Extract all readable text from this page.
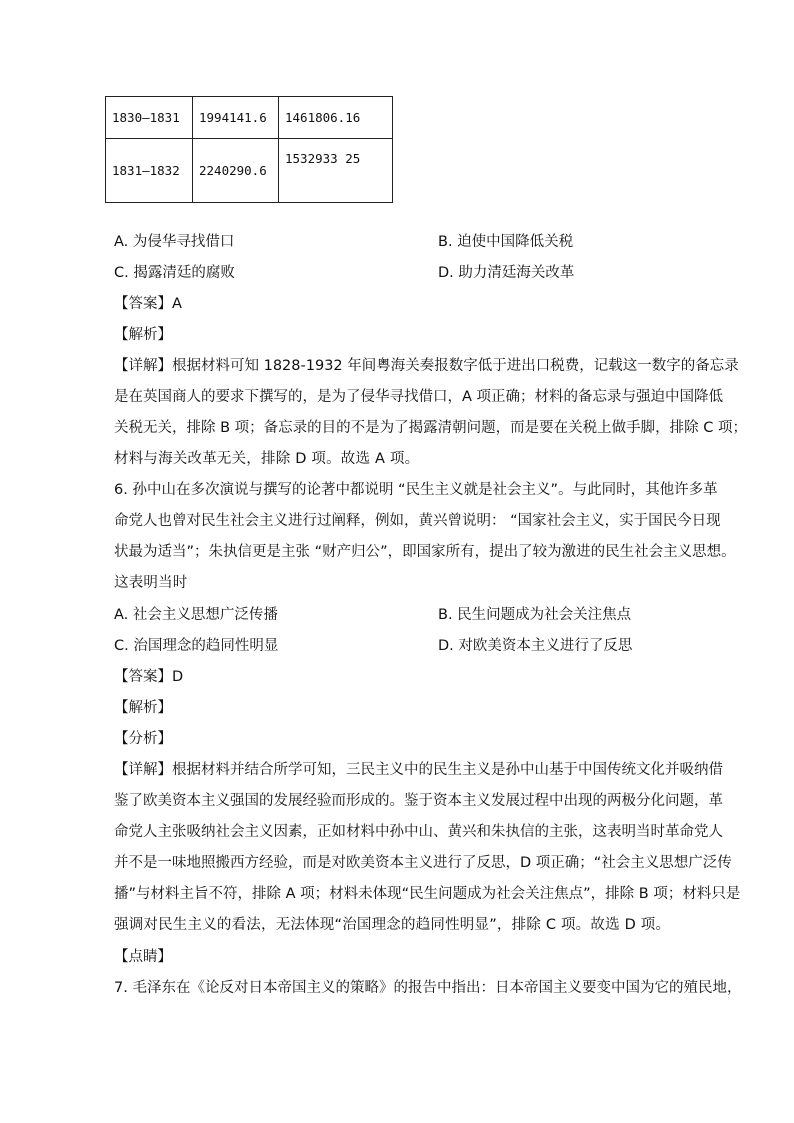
1830—1831	1994141.6	1461806.16
1831—1832	2240290.6	1532933 25
A. 为侵华寻找借口	B. 迫使中国降低关税
C. 揭露清廷的腐败	D. 助力清廷海关改革
【答案】A
【解析】
【详解】根据材料可知 1828-1932 年间粤海关奏报数字低于进出口税费，记载这一数字的备忘录
是在英国商人的要求下撰写的，是为了侵华寻找借口，A 项正确；材料的备忘录与强迫中国降低
关税无关，排除 B 项；备忘录的目的不是为了揭露清朝问题，而是要在关税上做手脚，排除 C 项；
材料与海关改革无关，排除 D 项。故选 A 项。
6. 孙中山在多次演说与撰写的论著中都说明 “民生主义就是社会主义”。与此同时，其他许多革
命党人也曾对民生社会主义进行过阐释，例如，黄兴曾说明： “国家社会主义，实于国民今日现
状最为适当”；朱执信更是主张 “财产归公”，即国家所有，提出了较为激进的民生社会主义思想。
这表明当时
A. 社会主义思想广泛传播	B. 民生问题成为社会关注焦点
C. 治国理念的趋同性明显	D. 对欧美资本主义进行了反思
【答案】D
【解析】
【分析】
【详解】根据材料并结合所学可知，三民主义中的民生主义是孙中山基于中国传统文化并吸纳借
鉴了欧美资本主义强国的发展经验而形成的。鉴于资本主义发展过程中出现的两极分化问题，革
命党人主张吸纳社会主义因素，正如材料中孙中山、黄兴和朱执信的主张，这表明当时革命党人
并不是一味地照搬西方经验，而是对欧美资本主义进行了反思，D 项正确；“社会主义思想广泛传
播”与材料主旨不符，排除 A 项；材料未体现“民生问题成为社会关注焦点”，排除 B 项；材料只是
强调对民生主义的看法，无法体现“治国理念的趋同性明显”，排除 C 项。故选 D 项。
【点睛】
7. 毛泽东在《论反对日本帝国主义的策略》的报告中指出：日本帝国主义要变中国为它的殖民地，
